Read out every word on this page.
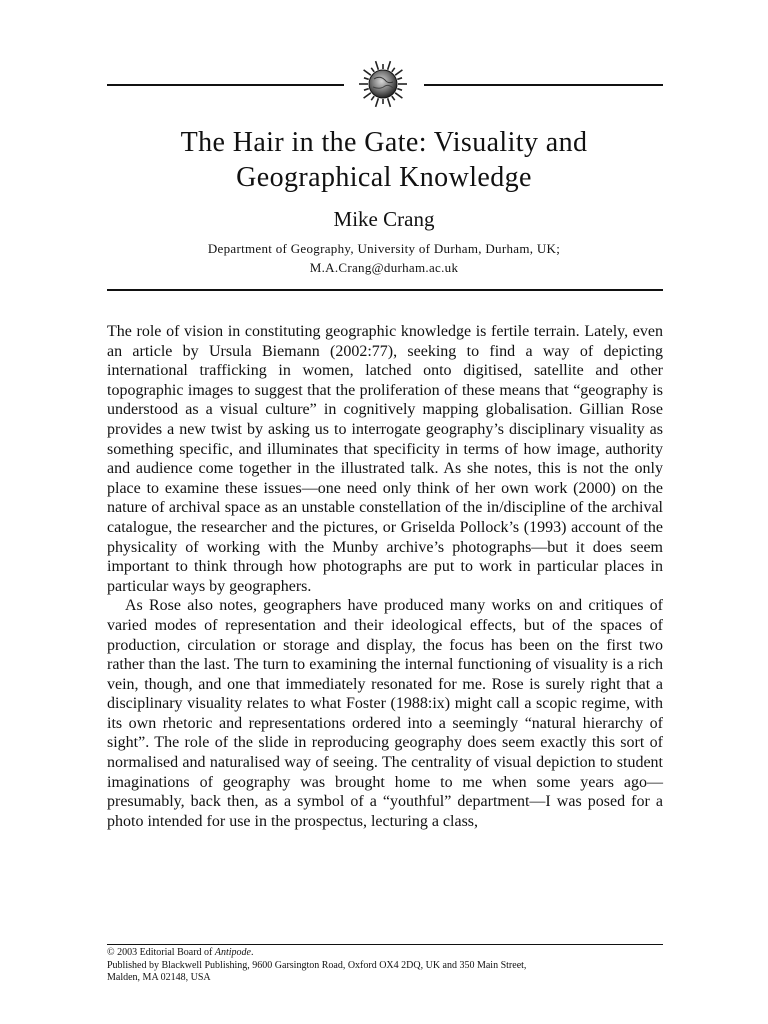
The Hair in the Gate: Visuality and
Geographical Knowledge
Mike Crang
Department of Geography, University of Durham, Durham, UK;
M.A.Crang@durham.ac.uk

The role of vision in constituting geographic knowledge is fertile terrain. Lately, even an article by Ursula Biemann (2002:77), seeking to find a way of depicting international trafficking in women, latched onto digitised, satellite and other topographic images to suggest that the proliferation of these means that “geography is understood as a visual culture” in cognitively mapping globalisation. Gillian Rose provides a new twist by asking us to interrogate geography’s disciplinary visuality as something specific, and illuminates that specificity in terms of how image, authority and audience come together in the illustrated talk. As she notes, this is not the only place to examine these issues—one need only think of her own work (2000) on the nature of archival space as an unstable constellation of the in/discipline of the archival catalogue, the researcher and the pictures, or Griselda Pollock’s (1993) account of the physicality of working with the Munby archive’s photographs—but it does seem important to think through how photographs are put to work in particular places in particular ways by geographers.

As Rose also notes, geographers have produced many works on and critiques of varied modes of representation and their ideological effects, but of the spaces of production, circulation or storage and display, the focus has been on the first two rather than the last. The turn to examining the internal functioning of visuality is a rich vein, though, and one that immediately resonated for me. Rose is surely right that a disciplinary visuality relates to what Foster (1988:ix) might call a scopic regime, with its own rhetoric and representations ordered into a seemingly “natural hierarchy of sight”. The role of the slide in reproducing geography does seem exactly this sort of normalised and naturalised way of seeing. The centrality of visual depiction to student imaginations of geography was brought home to me when some years ago—presumably, back then, as a symbol of a “youthful” department—I was posed for a photo intended for use in the prospectus, lecturing a class,

© 2003 Editorial Board of Antipode.
Published by Blackwell Publishing, 9600 Garsington Road, Oxford OX4 2DQ, UK and 350 Main Street,
Malden, MA 02148, USA
